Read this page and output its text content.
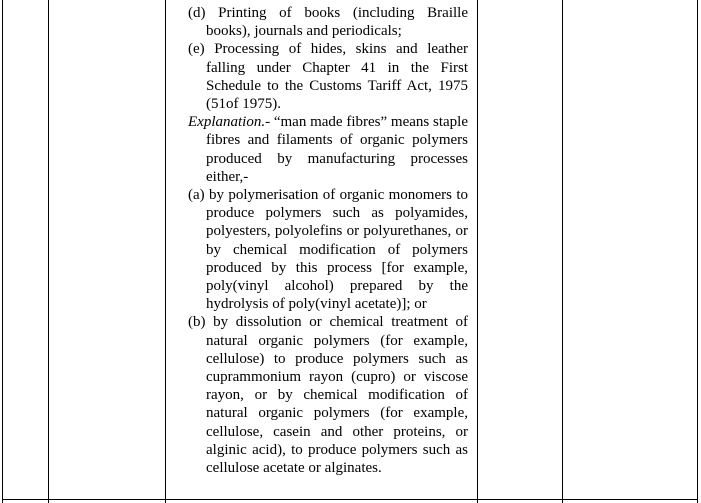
(d) Printing of books (including Braille books), journals and periodicals;

(e) Processing of hides, skins and leather falling under Chapter 41 in the First Schedule to the Customs Tariff Act, 1975 (51of 1975).

Explanation.- “man made fibres” means staple fibres and filaments of organic polymers produced by manufacturing processes either,-

(a) by polymerisation of organic monomers to produce polymers such as polyamides, polyesters, polyolefins or polyurethanes, or by chemical modification of polymers produced by this process [for example, poly(vinyl alcohol) prepared by the hydrolysis of poly(vinyl acetate)]; or

(b) by dissolution or chemical treatment of natural organic polymers (for example, cellulose) to produce polymers such as cuprammonium rayon (cupro) or viscose rayon, or by chemical modification of natural organic polymers (for example, cellulose, casein and other proteins, or alginic acid), to produce polymers such as cellulose acetate or alginates.
